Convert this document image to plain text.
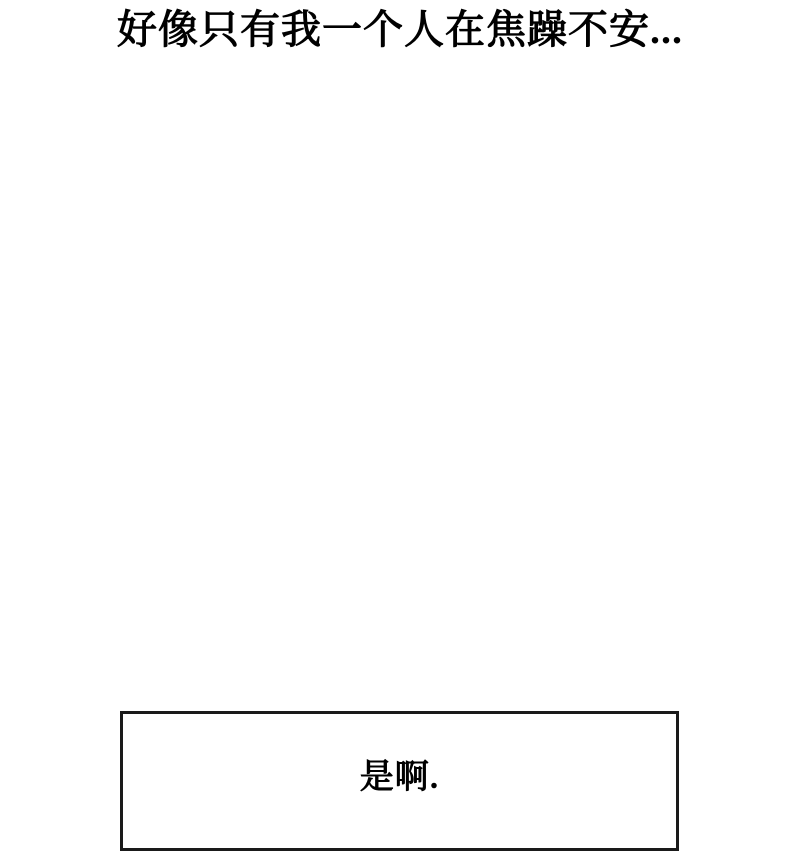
好像只有我一个人在焦躁不安...
是啊.
